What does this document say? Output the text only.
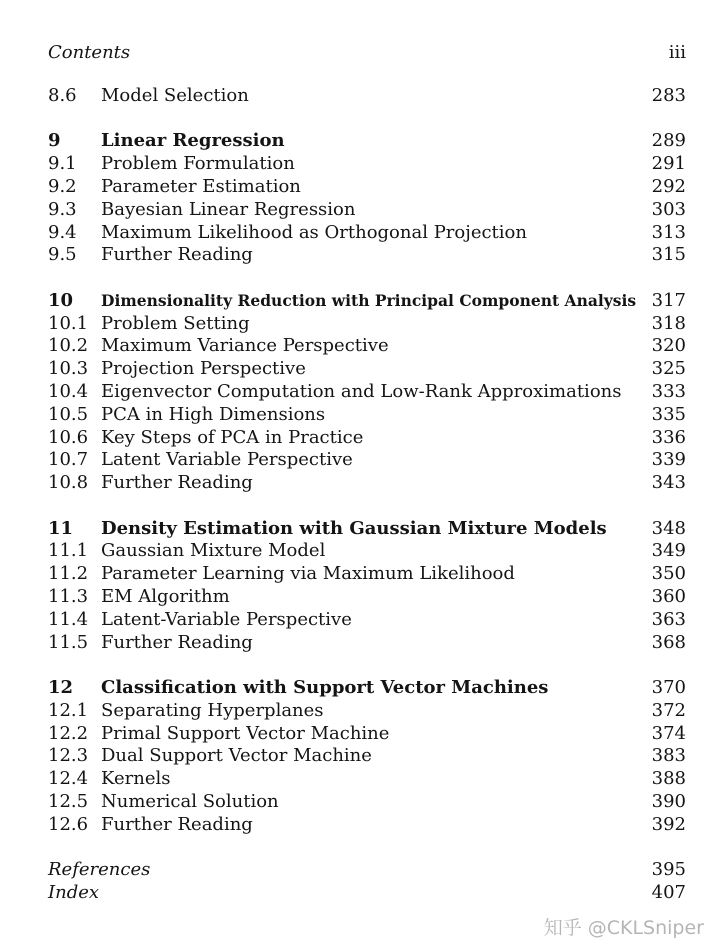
Contents	iii
8.6 Model Selection	283
9 Linear Regression	289
9.1 Problem Formulation	291
9.2 Parameter Estimation	292
9.3 Bayesian Linear Regression	303
9.4 Maximum Likelihood as Orthogonal Projection	313
9.5 Further Reading	315
10 Dimensionality Reduction with Principal Component Analysis 317
10.1 Problem Setting	318
10.2 Maximum Variance Perspective	320
10.3 Projection Perspective	325
10.4 Eigenvector Computation and Low-Rank Approximations 333
10.5 PCA in High Dimensions	335
10.6 Key Steps of PCA in Practice	336
10.7 Latent Variable Perspective	339
10.8 Further Reading	343
11 Density Estimation with Gaussian Mixture Models 348
11.1 Gaussian Mixture Model	349
11.2 Parameter Learning via Maximum Likelihood	350
11.3 EM Algorithm	360
11.4 Latent-Variable Perspective	363
11.5 Further Reading	368
12 Classification with Support Vector Machines	370
12.1 Separating Hyperplanes	372
12.2 Primal Support Vector Machine	374
12.3 Dual Support Vector Machine	383
12.4 Kernels	388
12.5 Numerical Solution	390
12.6 Further Reading	392
References	395
Index	407
知乎 @CKLSniper
